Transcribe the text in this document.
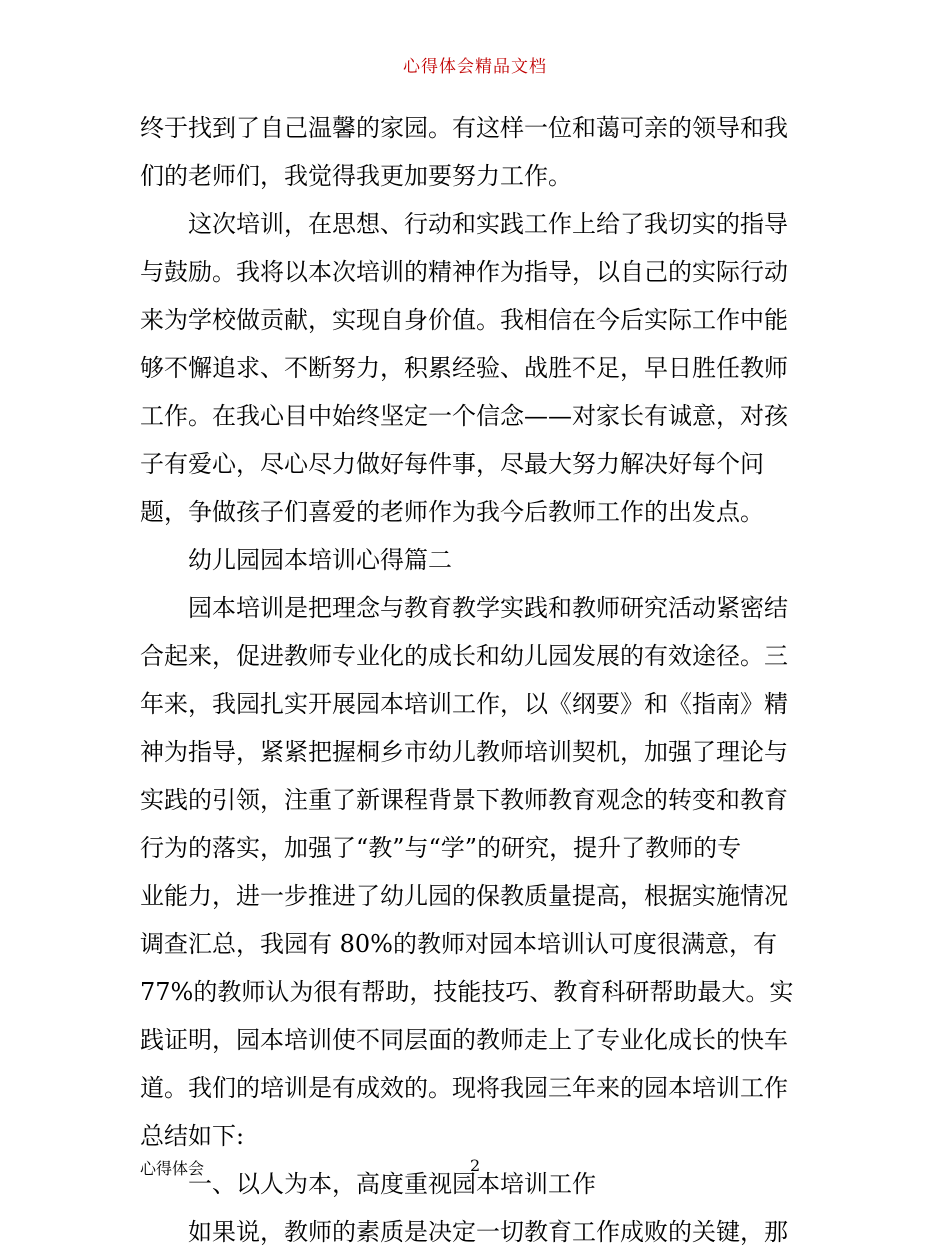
心得体会精品文档
终于找到了自己温馨的家园。有这样一位和蔼可亲的领导和我
们的老师们，我觉得我更加要努力工作。
这次培训，在思想、行动和实践工作上给了我切实的指导
与鼓励。我将以本次培训的精神作为指导，以自己的实际行动
来为学校做贡献，实现自身价值。我相信在今后实际工作中能
够不懈追求、不断努力，积累经验、战胜不足，早日胜任教师
工作。在我心目中始终坚定一个信念——对家长有诚意，对孩
子有爱心，尽心尽力做好每件事，尽最大努力解决好每个问
题，争做孩子们喜爱的老师作为我今后教师工作的出发点。
幼儿园园本培训心得篇二
园本培训是把理念与教育教学实践和教师研究活动紧密结
合起来，促进教师专业化的成长和幼儿园发展的有效途径。三
年来，我园扎实开展园本培训工作，以《纲要》和《指南》精
神为指导，紧紧把握桐乡市幼儿教师培训契机，加强了理论与
实践的引领，注重了新课程背景下教师教育观念的转变和教育
行为的落实，加强了“教”与“学”的研究，提升了教师的专
业能力，进一步推进了幼儿园的保教质量提高，根据实施情况
调查汇总，我园有 80%的教师对园本培训认可度很满意，有
77%的教师认为很有帮助，技能技巧、教育科研帮助最大。实
践证明，园本培训使不同层面的教师走上了专业化成长的快车
道。我们的培训是有成效的。现将我园三年来的园本培训工作
总结如下:
一、以人为本，高度重视园本培训工作
如果说，教师的素质是决定一切教育工作成败的关键，那
心得体会	2
